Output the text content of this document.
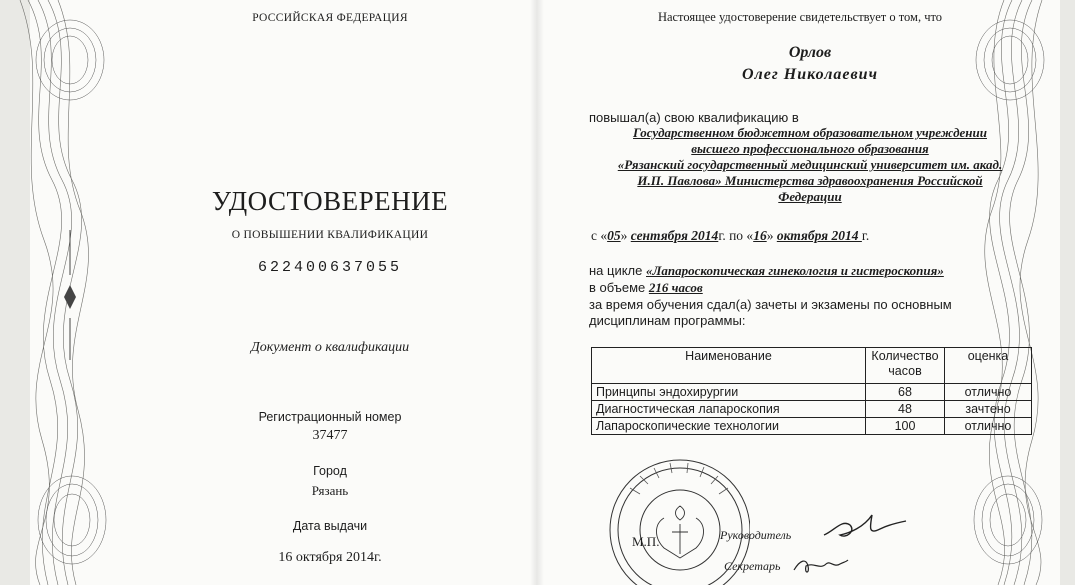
РОССИЙСКАЯ ФЕДЕРАЦИЯ
УДОСТОВЕРЕНИЕ
О ПОВЫШЕНИИ КВАЛИФИКАЦИИ
622400637055
Документ о квалификации
Регистрационный номер
37477
Город
Рязань
Дата выдачи
16 октября 2014г.
Настоящее удостоверение свидетельствует о том, что
Орлов
Олег Николаевич
повышал(а) свою квалификацию в
Государственном бюджетном образовательном учреждении
высшего профессионального образования
«Рязанский государственный медицинский университет им. акад.
И.П. Павлова» Министерства здравоохранения Российской
Федерации
с «05» сентября 2014г. по «16» октября 2014 г.
на цикле «Лапароскопическая гинекология и гистероскопия»
в объеме 216 часов
за время обучения сдал(а) зачеты и экзамены по основным
дисциплинам программы:
Наименование	Количество часов	оценка
Принципы эндохирургии	68	отлично
Диагностическая лапароскопия	48	зачтено
Лапароскопические технологии	100	отлично
М.П.	Руководитель
Секретарь
